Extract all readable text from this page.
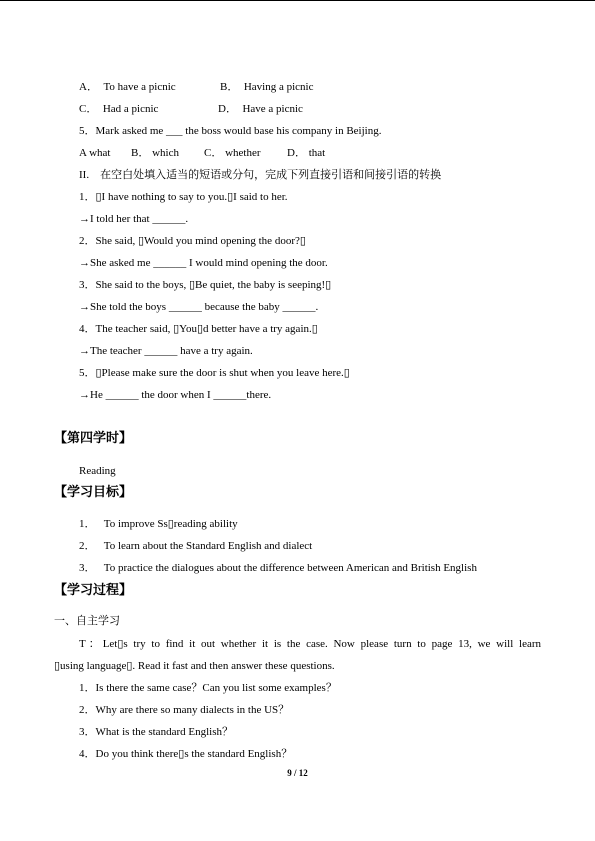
A．  To have a picnic	B．  Having a picnic
C．  Had a picnic	D．  Have a picnic
5．Mark asked me ___ the boss would base his company in Beijing.
A what B． which C． whether D． that
II.    在空白处填入适当的短语或分句，完成下列直接引语和间接引语的转换
1．▯I have nothing to say to you.▯I said to her.
→I told her that ______.
2．She said, ▯Would you mind opening the door?▯
→She asked me ______ I would mind opening the door.
3．She said to the boys, ▯Be quiet, the baby is seeping!▯
→She told the boys ______ because the baby ______.
4．The teacher said, ▯You▯d better have a try again.▯
→The teacher ______ have a try again.
5．▯Please make sure the door is shut when you leave here.▯
→He ______ the door when I ______there.
【第四学时】
Reading
【学习目标】
1．   To improve Ss▯reading ability
2．   To learn about the Standard English and dialect
3．   To practice the dialogues about the difference between American and British English
【学习过程】
一、自主学习
T：Let▯s try to find it out whether it is the case. Now please turn to page 13, we will learn
▯using language▯. Read it fast and then answer these questions.
1．Is there the same case？Can you list some examples？
2．Why are there so many dialects in the US？
3．What is the standard English？
4．Do you think there▯s the standard English？
9 / 12
